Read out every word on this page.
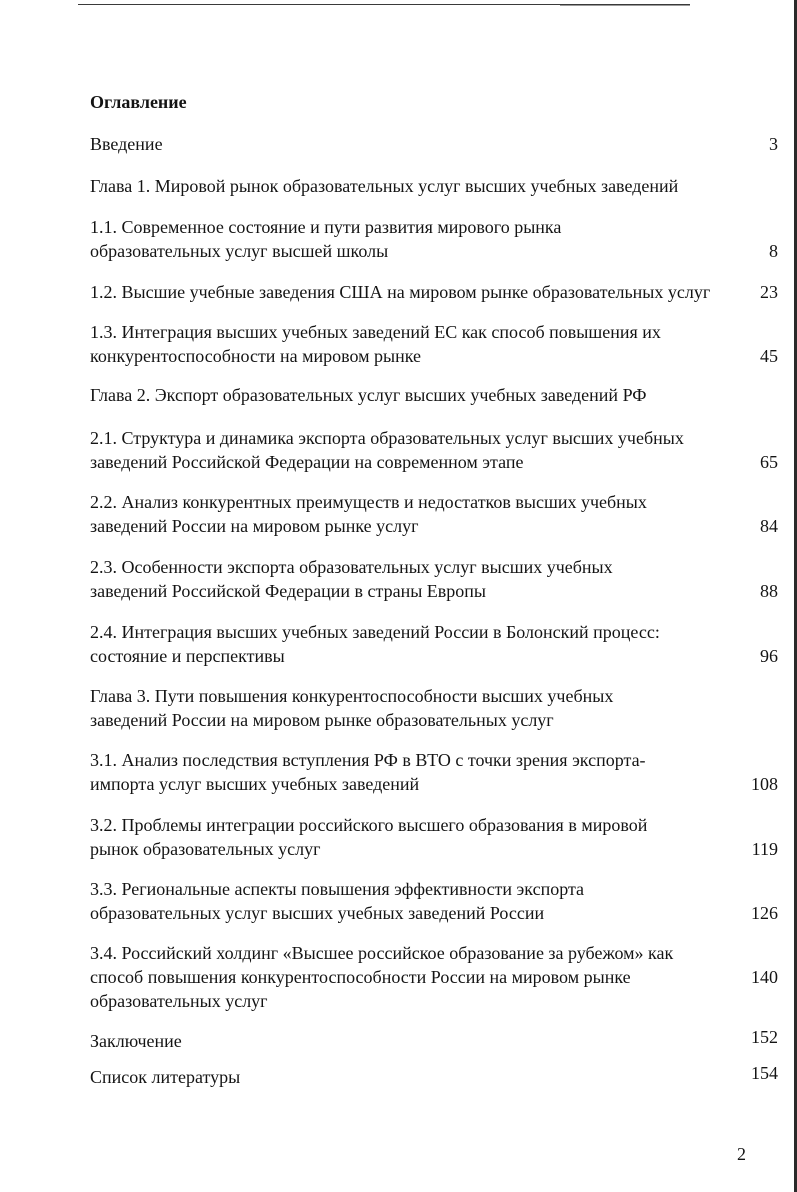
Оглавление
Введение	3
Глава 1. Мировой рынок образовательных услуг высших учебных заведений
1.1. Современное состояние и пути развития мирового рынка
образовательных услуг высшей школы	8
1.2. Высшие учебные заведения США на мировом рынке образовательных услуг	23
1.3. Интеграция высших учебных заведений ЕС как способ повышения их
конкурентоспособности на мировом рынке	45
Глава 2. Экспорт образовательных услуг высших учебных заведений РФ
2.1. Структура и динамика экспорта образовательных услуг высших учебных
заведений Российской Федерации на современном этапе	65
2.2. Анализ конкурентных преимуществ и недостатков высших учебных
заведений России на мировом рынке услуг	84
2.3. Особенности экспорта образовательных услуг высших учебных
заведений Российской Федерации в страны Европы	88
2.4. Интеграция высших учебных заведений России в Болонский процесс:
состояние и перспективы	96
Глава 3. Пути повышения конкурентоспособности высших учебных
заведений России на мировом рынке образовательных услуг
3.1. Анализ последствия вступления РФ в ВТО с точки зрения экспорта-
импорта услуг высших учебных заведений	108
3.2. Проблемы интеграции российского высшего образования в мировой
рынок образовательных услуг	119
3.3. Региональные аспекты повышения эффективности экспорта
образовательных услуг высших учебных заведений России	126
3.4. Российский холдинг «Высшее российское образование за рубежом» как
способ повышения конкурентоспособности России на мировом рынке
образовательных услуг
140
Заключение	152
Список литературы	154
2
